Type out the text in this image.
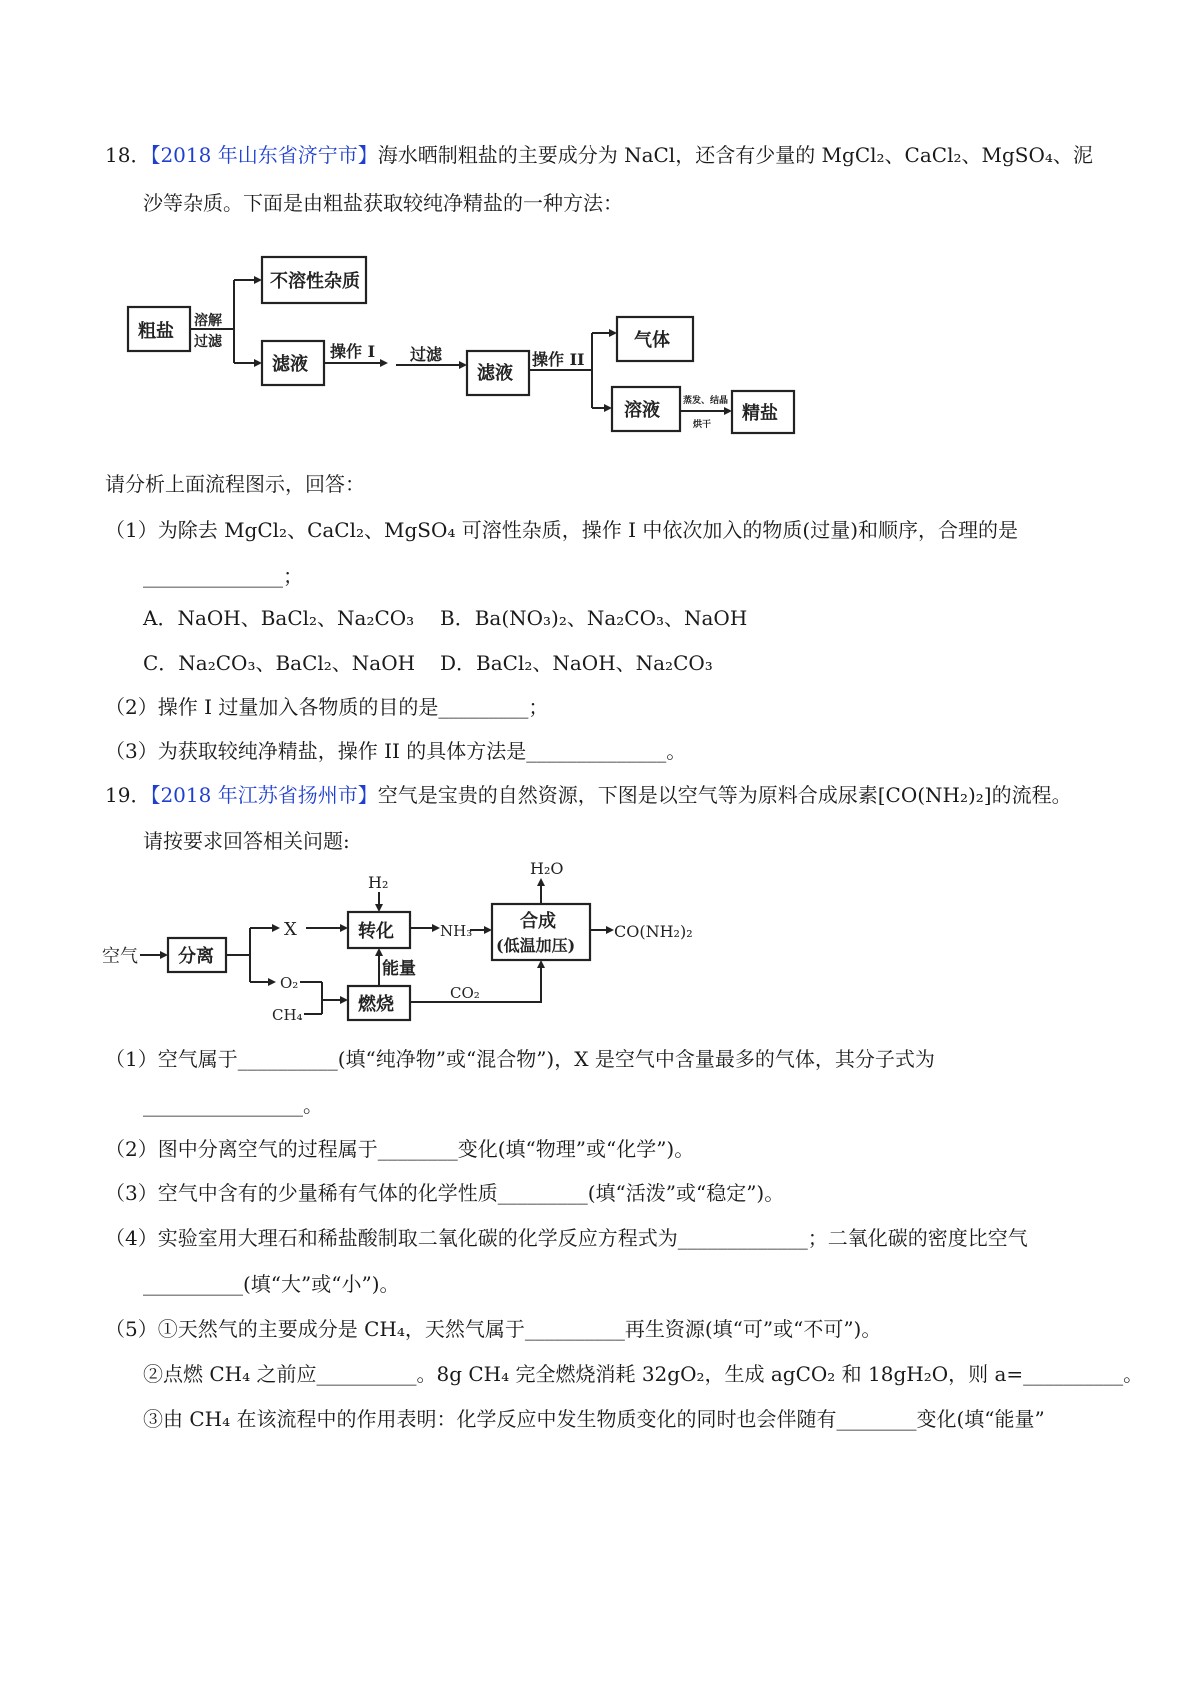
18．【2018 年山东省济宁市】海水晒制粗盐的主要成分为 NaCl，还含有少量的 MgCl₂、CaCl₂、MgSO₄、泥
沙等杂质。下面是由粗盐获取较纯净精盐的一种方法：
粗盐 溶解
过滤
不溶性杂质
滤液
操作 I 过滤
滤液
操作 II
气体
溶液	蒸发、结晶
烘干
精盐
请分析上面流程图示，回答：
（1）为除去 MgCl₂、CaCl₂、MgSO₄ 可溶性杂质，操作 I 中依次加入的物质(过量)和顺序，合理的是
______________；
A．NaOH、BaCl₂、Na₂CO₃ B．Ba(NO₃)₂、Na₂CO₃、NaOH
C．Na₂CO₃、BaCl₂、NaOH D．BaCl₂、NaOH、Na₂CO₃
（2）操作 I 过量加入各物质的目的是_________；
（3）为获取较纯净精盐，操作 II 的具体方法是______________。
19．【2018 年江苏省扬州市】空气是宝贵的自然资源，下图是以空气等为原料合成尿素[CO(NH₂)₂]的流程。
请按要求回答相关问题:
空气 分离
X
H₂
转化	NH₃	合成
(低温加压)
H₂O
CO(NH₂)₂
O₂
CH₄	燃烧
能量
CO₂
（1）空气属于__________(填“纯净物”或“混合物”)，X 是空气中含量最多的气体，其分子式为
________________。
（2）图中分离空气的过程属于________变化(填“物理”或“化学”)。
（3）空气中含有的少量稀有气体的化学性质_________(填“活泼”或“稳定”)。
（4）实验室用大理石和稀盐酸制取二氧化碳的化学反应方程式为_____________；二氧化碳的密度比空气
__________(填“大”或“小”)。
（5）①天然气的主要成分是 CH₄，天然气属于__________再生资源(填“可”或“不可”)。
②点燃 CH₄ 之前应__________。8g CH₄ 完全燃烧消耗 32gO₂，生成 agCO₂ 和 18gH₂O，则 a=__________。
③由 CH₄ 在该流程中的作用表明：化学反应中发生物质变化的同时也会伴随有________变化(填“能量”
